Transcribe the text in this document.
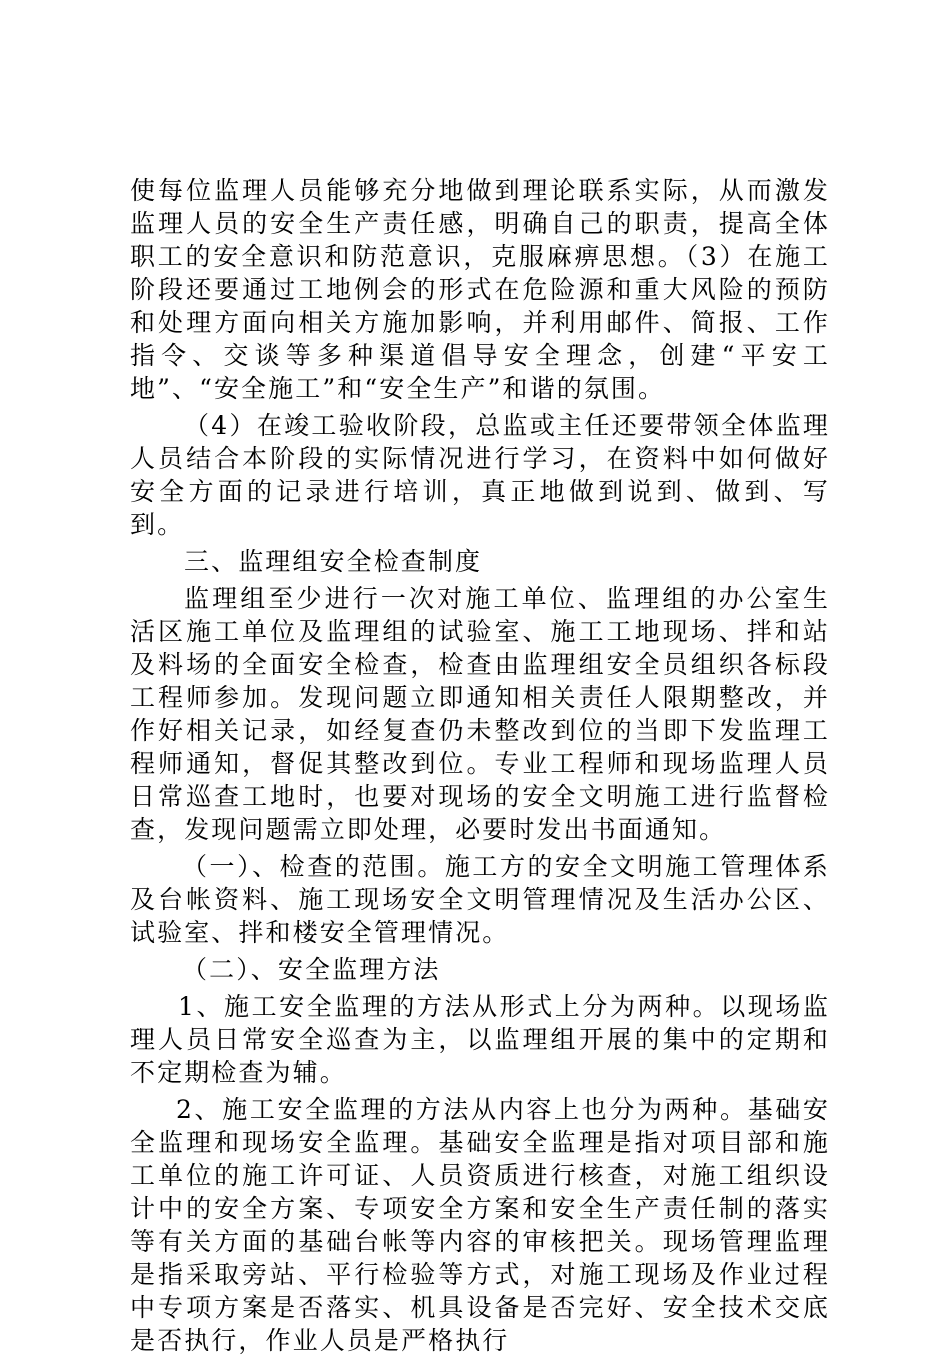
使每位监理人员能够充分地做到理论联系实际，从而激发监理人员的安全生产责任感，明确自己的职责，提高全体职工的安全意识和防范意识，克服麻痹思想。（3）在施工阶段还要通过工地例会的形式在危险源和重大风险的预防和处理方面向相关方施加影响，并利用邮件、简报、工作指令、交谈等多种渠道倡导安全理念，创建“平安工地”、“安全施工”和“安全生产”和谐的氛围。

（4）在竣工验收阶段，总监或主任还要带领全体监理人员结合本阶段的实际情况进行学习，在资料中如何做好安全方面的记录进行培训，真正地做到说到、做到、写到。

三、监理组安全检查制度

监理组至少进行一次对施工单位、监理组的办公室生活区施工单位及监理组的试验室、施工工地现场、拌和站及料场的全面安全检查，检查由监理组安全员组织各标段工程师参加。发现问题立即通知相关责任人限期整改，并作好相关记录，如经复查仍未整改到位的当即下发监理工程师通知，督促其整改到位。专业工程师和现场监理人员日常巡查工地时，也要对现场的安全文明施工进行监督检查，发现问题需立即处理，必要时发出书面通知。

（一）、检查的范围。施工方的安全文明施工管理体系及台帐资料、施工现场安全文明管理情况及生活办公区、试验室、拌和楼安全管理情况。

（二）、安全监理方法

1、施工安全监理的方法从形式上分为两种。以现场监理人员日常安全巡查为主，以监理组开展的集中的定期和不定期检查为辅。

2、施工安全监理的方法从内容上也分为两种。基础安全监理和现场安全监理。基础安全监理是指对项目部和施工单位的施工许可证、人员资质进行核查，对施工组织设计中的安全方案、专项安全方案和安全生产责任制的落实等有关方面的基础台帐等内容的审核把关。现场管理监理是指采取旁站、平行检验等方式，对施工现场及作业过程中专项方案是否落实、机具设备是否完好、安全技术交底是否执行，作业人员是严格执行
